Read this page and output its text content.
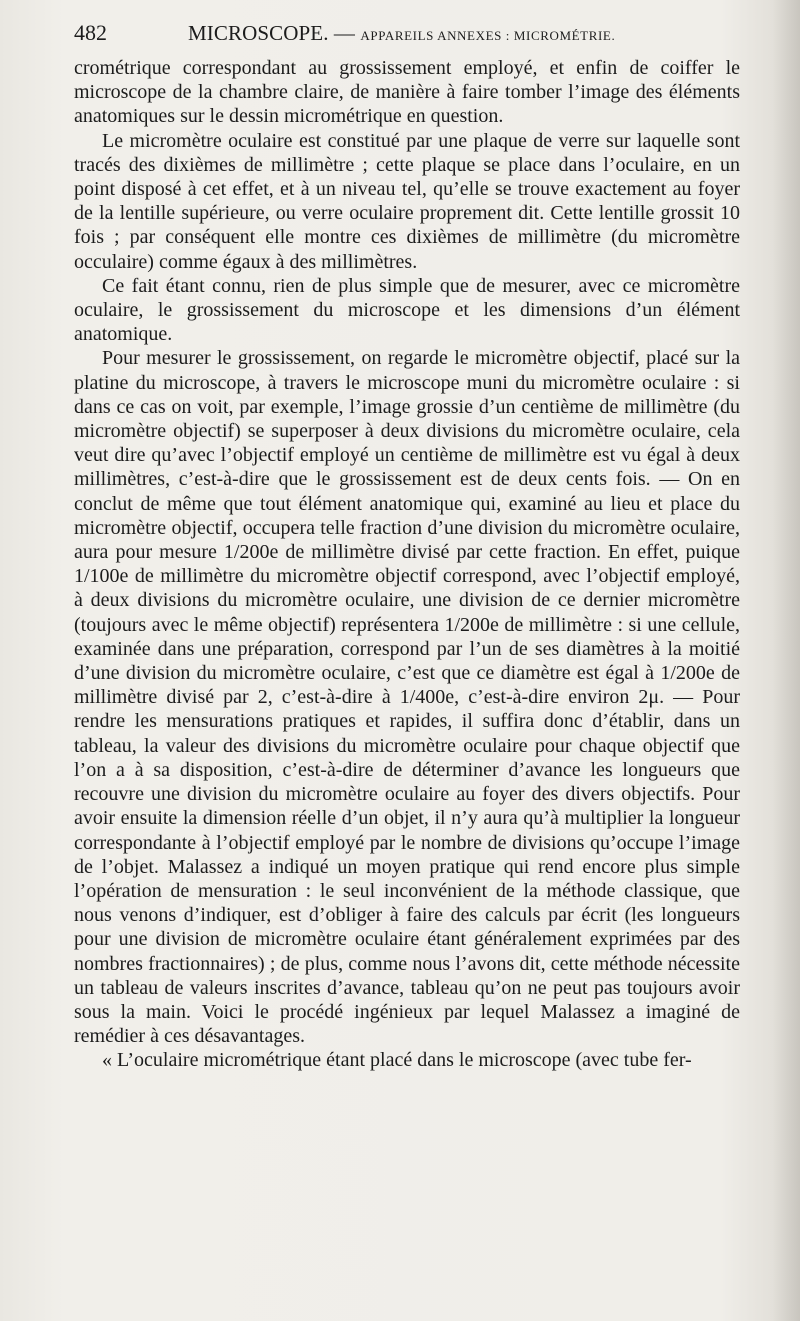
482	MICROSCOPE. — APPAREILS ANNEXES : MICROMÉTRIE.

crométrique correspondant au grossissement employé, et enfin de coiffer le microscope de la chambre claire, de manière à faire tomber l’image des éléments anatomiques sur le dessin micrométrique en question.

Le micromètre oculaire est constitué par une plaque de verre sur laquelle sont tracés des dixièmes de millimètre ; cette plaque se place dans l’oculaire, en un point disposé à cet effet, et à un niveau tel, qu’elle se trouve exactement au foyer de la lentille supérieure, ou verre oculaire proprement dit. Cette lentille grossit 10 fois ; par conséquent elle montre ces dixièmes de millimètre (du micromètre occulaire) comme égaux à des millimètres.

Ce fait étant connu, rien de plus simple que de mesurer, avec ce micromètre oculaire, le grossissement du microscope et les dimensions d’un élément anatomique.

Pour mesurer le grossissement, on regarde le micromètre objectif, placé sur la platine du microscope, à travers le microscope muni du micromètre oculaire : si dans ce cas on voit, par exemple, l’image grossie d’un centième de millimètre (du micromètre objectif) se superposer à deux divisions du micromètre oculaire, cela veut dire qu’avec l’objectif employé un centième de millimètre est vu égal à deux millimètres, c’est-à-dire que le grossissement est de deux cents fois. — On en conclut de même que tout élément anatomique qui, examiné au lieu et place du micromètre objectif, occupera telle fraction d’une division du micromètre oculaire, aura pour mesure 1/200e de millimètre divisé par cette fraction. En effet, puique 1/100e de millimètre du micromètre objectif correspond, avec l’objectif employé, à deux divisions du micromètre oculaire, une division de ce dernier micromètre (toujours avec le même objectif) représentera 1/200e de millimètre : si une cellule, examinée dans une préparation, correspond par l’un de ses diamètres à la moitié d’une division du micromètre oculaire, c’est que ce diamètre est égal à 1/200e de millimètre divisé par 2, c’est-à-dire à 1/400e, c’est-à-dire environ 2μ. — Pour rendre les mensurations pratiques et rapides, il suffira donc d’établir, dans un tableau, la valeur des divisions du micromètre oculaire pour chaque objectif que l’on a à sa disposition, c’est-à-dire de déterminer d’avance les longueurs que recouvre une division du micromètre oculaire au foyer des divers objectifs. Pour avoir ensuite la dimension réelle d’un objet, il n’y aura qu’à multiplier la longueur correspondante à l’objectif employé par le nombre de divisions qu’occupe l’image de l’objet. Malassez a indiqué un moyen pratique qui rend encore plus simple l’opération de mensuration : le seul inconvénient de la méthode classique, que nous venons d’indiquer, est d’obliger à faire des calculs par écrit (les longueurs pour une division de micromètre oculaire étant généralement exprimées par des nombres fractionnaires) ; de plus, comme nous l’avons dit, cette méthode nécessite un tableau de valeurs inscrites d’avance, tableau qu’on ne peut pas toujours avoir sous la main. Voici le procédé ingénieux par lequel Malassez a imaginé de remédier à ces désavantages.

« L’oculaire micrométrique étant placé dans le microscope (avec tube fer-
